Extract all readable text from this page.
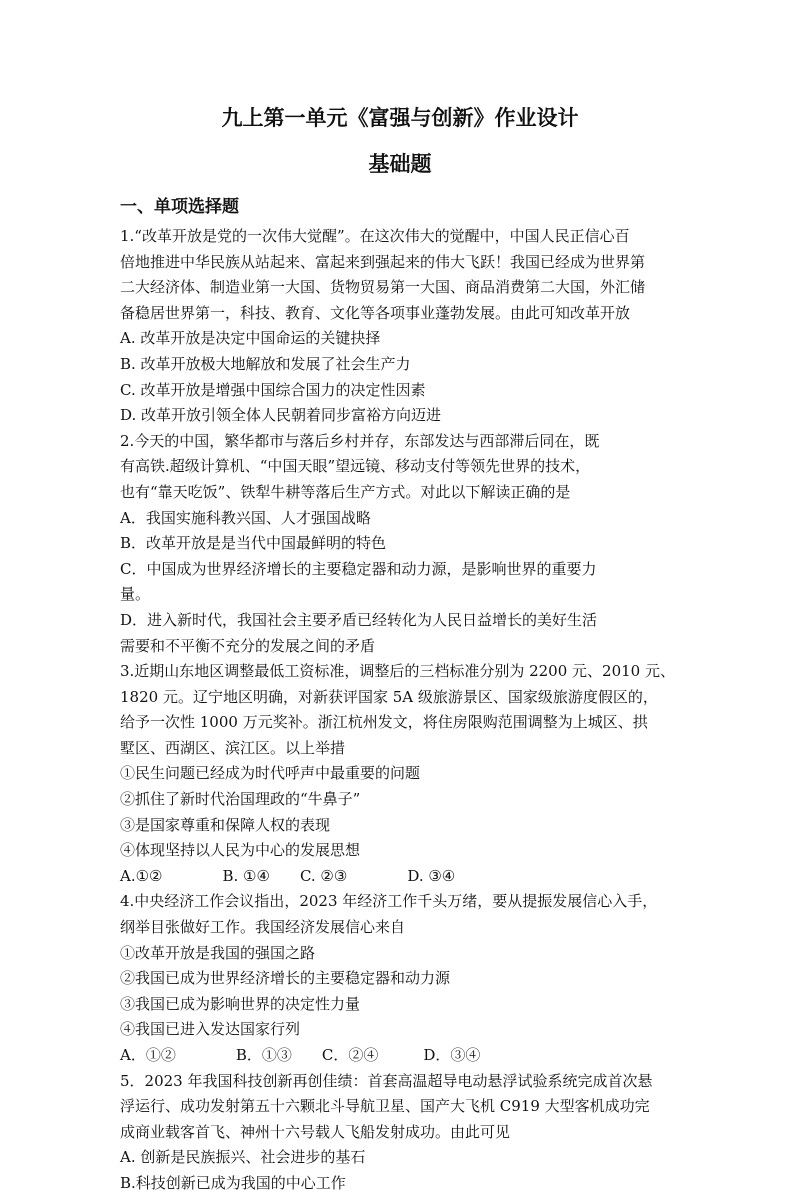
九上第一单元《富强与创新》作业设计
基础题
一、单项选择题

1.“改革开放是党的一次伟大觉醒”。在这次伟大的觉醒中，中国人民正信心百

倍地推进中华民族从站起来、富起来到强起来的伟大飞跃！我国已经成为世界第

二大经济体、制造业第一大国、货物贸易第一大国、商品消费第二大国，外汇储

备稳居世界第一，科技、教育、文化等各项事业蓬勃发展。由此可知改革开放

A. 改革开放是决定中国命运的关键抉择

B. 改革开放极大地解放和发展了社会生产力

C. 改革开放是增强中国综合国力的决定性因素

D. 改革开放引领全体人民朝着同步富裕方向迈进

2.今天的中国，繁华都市与落后乡村并存，东部发达与西部滞后同在，既

有高铁.超级计算机、“中国天眼”望远镜、移动支付等领先世界的技术，

也有“靠天吃饭”、铁犁牛耕等落后生产方式。对此以下解读正确的是

A．我国实施科教兴国、人才强国战略

B．改革开放是是当代中国最鲜明的特色

C．中国成为世界经济增长的主要稳定器和动力源，是影响世界的重要力

量。

D．进入新时代，我国社会主要矛盾已经转化为人民日益增长的美好生活

需要和不平衡不充分的发展之间的矛盾

3.近期山东地区调整最低工资标准，调整后的三档标准分别为 2200 元、2010 元、

1820 元。辽宁地区明确，对新获评国家 5A 级旅游景区、国家级旅游度假区的，

给予一次性 1000 万元奖补。浙江杭州发文，将住房限购范围调整为上城区、拱

墅区、西湖区、滨江区。以上举措

①民生问题已经成为时代呼声中最重要的问题

②抓住了新时代治国理政的“牛鼻子”

③是国家尊重和保障人权的表现

④体现坚持以人民为中心的发展思想

A.①②　　　　B. ①④　　C. ②③　　　　D. ③④

4.中央经济工作会议指出，2023 年经济工作千头万绪，要从提振发展信心入手，

纲举目张做好工作。我国经济发展信心来自

①改革开放是我国的强国之路

②我国已成为世界经济增长的主要稳定器和动力源

③我国已成为影响世界的决定性力量

④我国已进入发达国家行列

A．①②　　　　B．①③　　C．②④　　　D．③④

5．2023 年我国科技创新再创佳绩：首套高温超导电动悬浮试验系统完成首次悬

浮运行、成功发射第五十六颗北斗导航卫星、国产大飞机 C919 大型客机成功完

成商业载客首飞、神州十六号载人飞船发射成功。由此可见

A. 创新是民族振兴、社会进步的基石

B.科技创新已成为我国的中心工作
